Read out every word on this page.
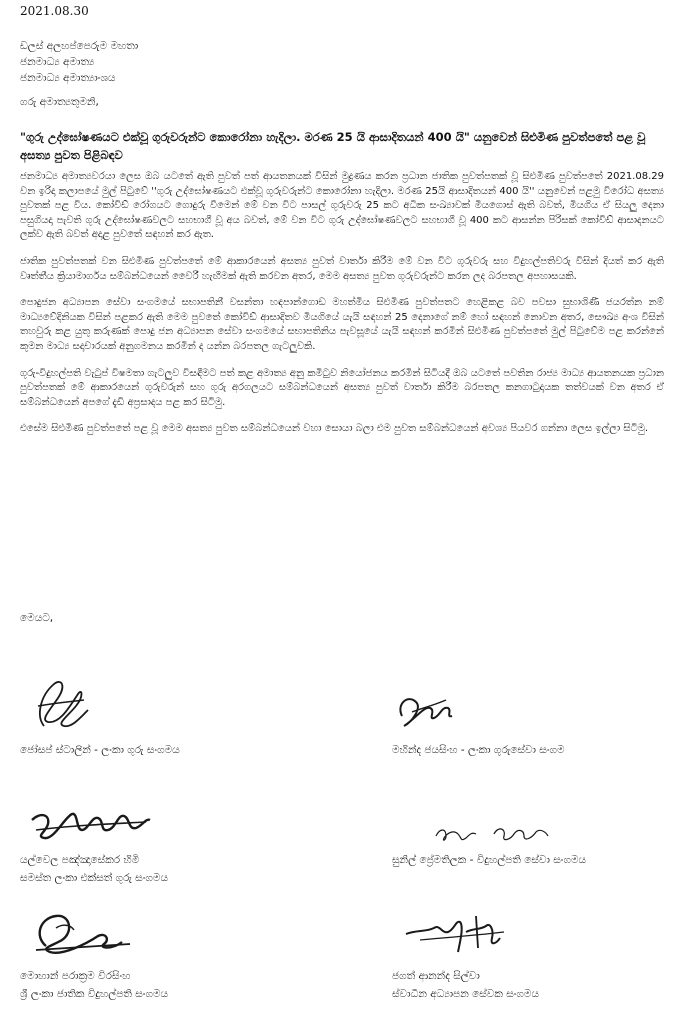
2021.08.30
ඩලස් අලහප්පෙරුම මහතා
ජනමාධ්‍ය අමාත්‍ය
ජනමාධ්‍ය අමාත්‍යාංශය
ගරු අමාත්‍යතුමනි,
"ගුරු උද්ඝෝෂණයට එක්වූ ගුරුවරුන්ට කොරෝනා හැදිලා. මරණ 25 යි ආසාදිතයන් 400 යි" යනුවෙන් සිළුමිණ පුවත්පතේ පළ වූ අසත්‍ය පුවත පිළිබඳව

ජනමාධ්‍ය අමාත්‍යවරයා ලෙස ඔබ යටතේ ඇති පුවත් පත් ආයතනයක් විසින් මුද්‍රණය කරන ප්‍රධාන ජාතික පුවත්පතක් වූ සිළුමිණ පුවත්පතේ 2021.08.29 වන ඉරිදා කලාපයේ මුල් පිටුවේ ''ගුරු උද්ඝෝෂණයට එක්වූ ගුරුවරුන්ට කොරෝනා හැදිලා. මරණ 25යි ආසාදිතයන් 400 යි'' යනුවෙන් පළමු විරෝධ අසත්‍ය පුවතක් පළ විය. කෝවිඩ් රෝගයට ගොදුරු වීමෙන් මේ වන විට පාසල් ගුරුවරු 25 කට අධික සංඛ්‍යාවක් මියගොස් ඇති බවත්, මියගිය ඒ සියලු දෙනා පසුගියදා පැවති ගුරු උද්ඝෝෂණවලට සහභාගී වූ අය බවත්, මේ වන විට ගුරු උද්ඝෝෂණවලට සහභාගී වූ 400 කට ආසන්න පිරිසක් කෝවිඩ් ආසාදනයට ලක්ව ඇති බවත් අදාළ පුවතේ සඳහන් කර ඇත.

ජාතික පුවත්පතක් වන සිළුමිණ පුවත්පතේ මේ ආකාරයෙන් අසත්‍ය පුවත් වාර්තා කිරීම මේ වන විට ගුරුවරු සහ විදුහල්පතිවරු විසින් දියත් කර ඇති වෘත්තීය ක්‍රියාමාර්ගය සම්බන්ධයෙන් වෛරී හැඟීමක් ඇති කරවන අතර, මෙම අසත්‍ය පුවත ගුරුවරුන්ට කරන ලද බරපතල අපහාසයකි.

පොදුජන අධ්‍යාපන සේවා සංගමයේ සභාපතිනී වසන්තා හඳපාන්ගොඩ මහත්මිය සිළුමිණ පුවත්පතට හෙළිකළ බව පවසා සුභාශිණී ජයරත්න නම් මාධ්‍යවේදිනියක විසින් පළකර ඇති මෙම පුවතේ කෝවිඩ් ආසාදිතව මියගියේ යැයි සඳහන් 25 දෙනාගේ නම් හෝ සඳහන් නොවන අතර, සෞඛ්‍ය අංශ විසින් තහවුරු කළ යුතු කරුණක් පොදු ජන අධ්‍යාපන සේවා සංගමයේ සභාපතිනිය පැවසූයේ යැයි සඳහන් කරමින් සිළුමිණ පුවත්පතේ මුල් පිටුවේම පළ කරන්නේ කුමන මාධ්‍ය සදාචාරයක් අනුගමනය කරමින් ද යන්න බරපතල ගැටලුවකි.

ගුරු-විදුහල්පති වැටුප් විෂමතා ගැටලුව විසඳීමට පත් කළ අමාත්‍ය අනු කමිටුව නියෝජනය කරමින් සිටියදී ඔබ යටතේ පවතින රාජ්‍ය මාධ්‍ය ආයතනයක ප්‍රධාන පුවත්පතක් මේ ආකාරයෙන් ගුරුවරුන් සහ ගුරු අරගලයට සම්බන්ධයෙන් අසත්‍ය පුවත් වාර්තා කිරීම බරපතල කනගාටුදායක තත්වයක් වන අතර ඒ සම්බන්ධයෙන් අපගේ දැඩි අප්‍රසාදය පළ කර සිටිමු.

එසේම සිළුමිණ පුවත්පතේ පළ වූ මෙම අසත්‍ය පුවත සම්බන්ධයෙන් වහා සොයා බලා එම පුවත සම්බන්ධයෙන් අවශ්‍ය පියවර ගන්නා ලෙස ඉල්ලා සිටිමු.

මෙයට,
ජෝසප් ස්ටාලින් - ලංකා ගුරු සංගමය	මහින්ද ජයසිංහ - ලංකා ගුරුසේවා සංගම
යල්වෙල පඤ්ඤාසේකර හිමි
සමස්ත ලංකා එක්සත් ගුරු සංගමය
සුනිල් ප්‍රේමතිලක - විදුහල්පති සේවා සංගමය
මොහාන් පරාක්‍රම විරසිංහ
ශ්‍රී ලංකා ජාතික විදුහල්පති සංගමය
ජගත් ආනන්ද සිල්වා
ස්වාධීන අධ්‍යාපන සේවක සංගමය
